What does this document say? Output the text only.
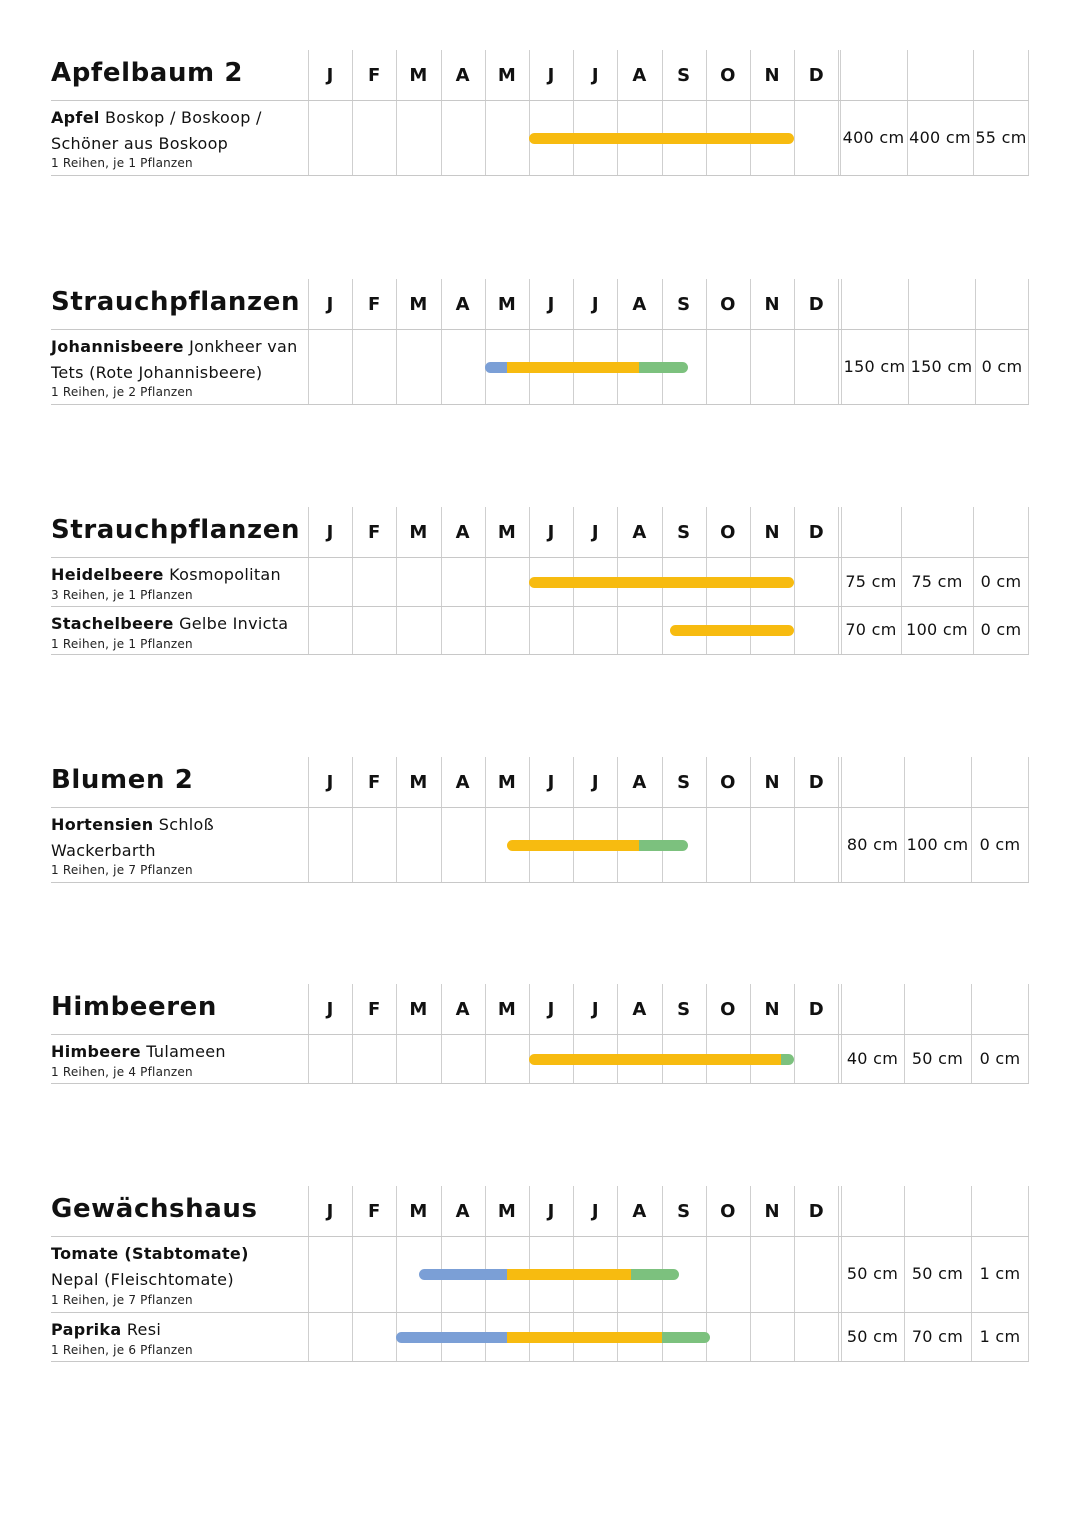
Apfelbaum 2	J	F	M	A	M	J	J	A	S	O	N	D
Apfel Boskop / Boskoop / Schöner aus Boskoop
1 Reihen, je 1 Pflanzen
400 cm 400 cm 55 cm
Strauchpflanzen	J	F	M	A	M	J	J	A	S	O	N	D
Johannisbeere Jonkheer van Tets (Rote Johannisbeere)
1 Reihen, je 2 Pflanzen
150 cm 150 cm 0 cm
Strauchpflanzen	J	F	M	A	M	J	J	A	S	O	N	D
Heidelbeere Kosmopolitan
3 Reihen, je 1 Pflanzen
75 cm 75 cm	0 cm
Stachelbeere Gelbe Invicta
1 Reihen, je 1 Pflanzen
70 cm 100 cm 0 cm
Blumen 2	J	F	M	A	M	J	J	A	S	O	N	D
Hortensien Schloß Wackerbarth
1 Reihen, je 7 Pflanzen
80 cm 100 cm 0 cm
Himbeeren	J	F	M	A	M	J	J	A	S	O	N	D
Himbeere Tulameen
1 Reihen, je 4 Pflanzen
40 cm 50 cm	0 cm
Gewächshaus	J	F	M	A	M	J	J	A	S	O	N	D
Tomate (Stabtomate) Nepal (Fleischtomate)
1 Reihen, je 7 Pflanzen
50 cm 50 cm	1 cm
Paprika Resi
1 Reihen, je 6 Pflanzen
50 cm 70 cm	1 cm
